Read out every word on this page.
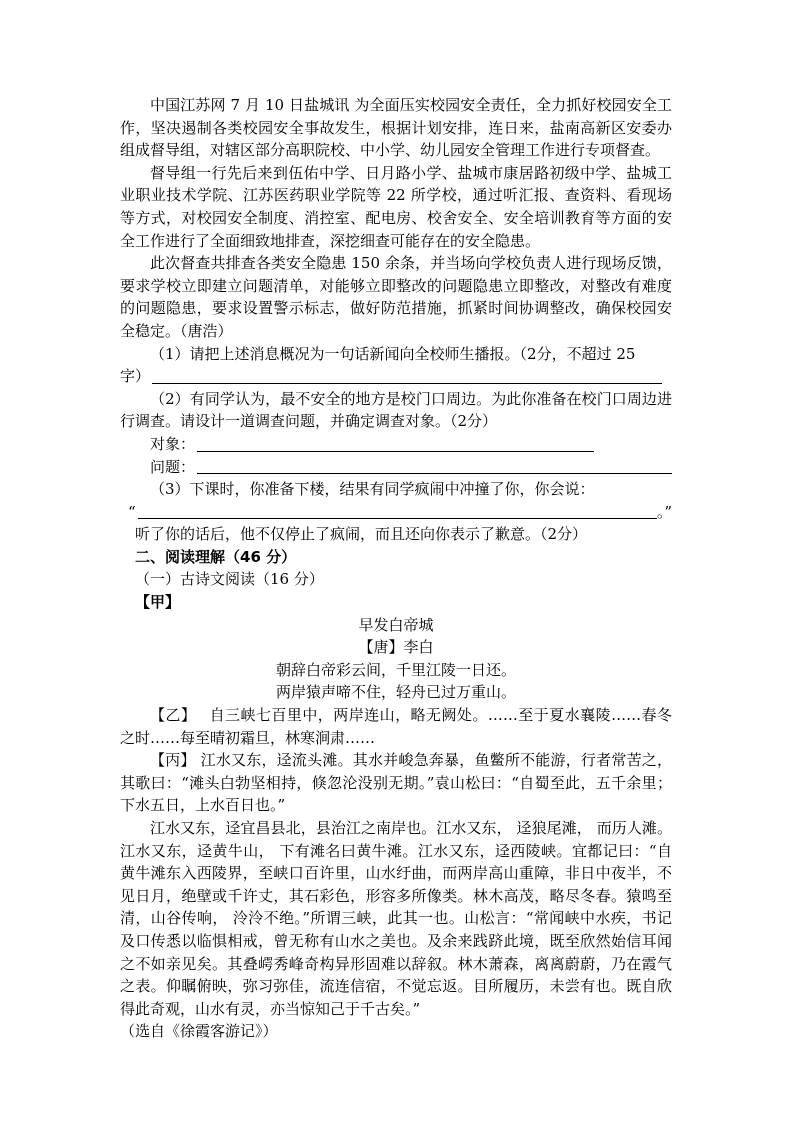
中国江苏网 7 月 10 日盐城讯 为全面压实校园安全责任，全力抓好校园安全工作，坚决遏制各类校园安全事故发生，根据计划安排，连日来，盐南高新区安委办组成督导组，对辖区部分高职院校、中小学、幼儿园安全管理工作进行专项督查。

督导组一行先后来到伍佑中学、日月路小学、盐城市康居路初级中学、盐城工业职业技术学院、江苏医药职业学院等 22 所学校，通过听汇报、查资料、看现场等方式，对校园安全制度、消控室、配电房、校舍安全、安全培训教育等方面的安全工作进行了全面细致地排查，深挖细查可能存在的安全隐患。

此次督查共排查各类安全隐患 150 余条，并当场向学校负责人进行现场反馈，要求学校立即建立问题清单，对能够立即整改的问题隐患立即整改，对整改有难度的问题隐患，要求设置警示标志，做好防范措施，抓紧时间协调整改，确保校园安全稳定。（唐浩）

（1）请把上述消息概况为一句话新闻向全校师生播报。（2分，不超过 25

字）

（2）有同学认为，最不安全的地方是校门口周边。为此你准备在校门口周边进行调查。请设计一道调查问题，并确定调查对象。（2分）

对象：
问题：

（3）下课时，你准备下楼，结果有同学疯闹中冲撞了你，你会说：

“	。”

听了你的话后，他不仅停止了疯闹，而且还向你表示了歉意。（2分）

二、阅读理解（46 分）

（一）古诗文阅读（16 分）

【甲】

早发白帝城

【唐】李白

朝辞白帝彩云间，千里江陵一日还。

两岸猿声啼不住，轻舟已过万重山。

【乙】　 自三峡七百里中，两岸连山，略无阙处。……至于夏水襄陵……春冬之时……每至晴初霜旦，林寒涧肃……

【丙】 江水又东，迳流头滩。其水并峻急奔暴，鱼鳖所不能游，行者常苦之，其歌曰：“滩头白勃坚相持，倏忽沦没别无期。”袁山松曰：“自蜀至此，五千余里；下水五日，上水百日也。”

江水又东，迳宜昌县北，县治江之南岸也。江水又东， 迳狼尾滩， 而历人滩。江水又东，迳黄牛山， 下有滩名曰黄牛滩。江水又东，迳西陵峡。宜都记曰：“自黄牛滩东入西陵界，至峡口百许里，山水纡曲，而两岸高山重障，非日中夜半，不见日月，绝壁或千许丈，其石彩色，形容多所像类。林木高茂，略尽冬春。猿鸣至清，山谷传响， 泠泠不绝。”所谓三峡，此其一也。山松言：“常闻峡中水疾，书记及口传悉以临惧相戒，曾无称有山水之美也。及余来践跻此境，既至欣然始信耳闻之不如亲见矣。其叠崿秀峰奇构异形固难以辞叙。林木萧森，离离蔚蔚，乃在霞气之表。仰瞩俯映，弥习弥佳，流连信宿，不觉忘返。目所履历，未尝有也。既自欣得此奇观，山水有灵，亦当惊知己于千古矣。”

（选自《徐霞客游记》）
